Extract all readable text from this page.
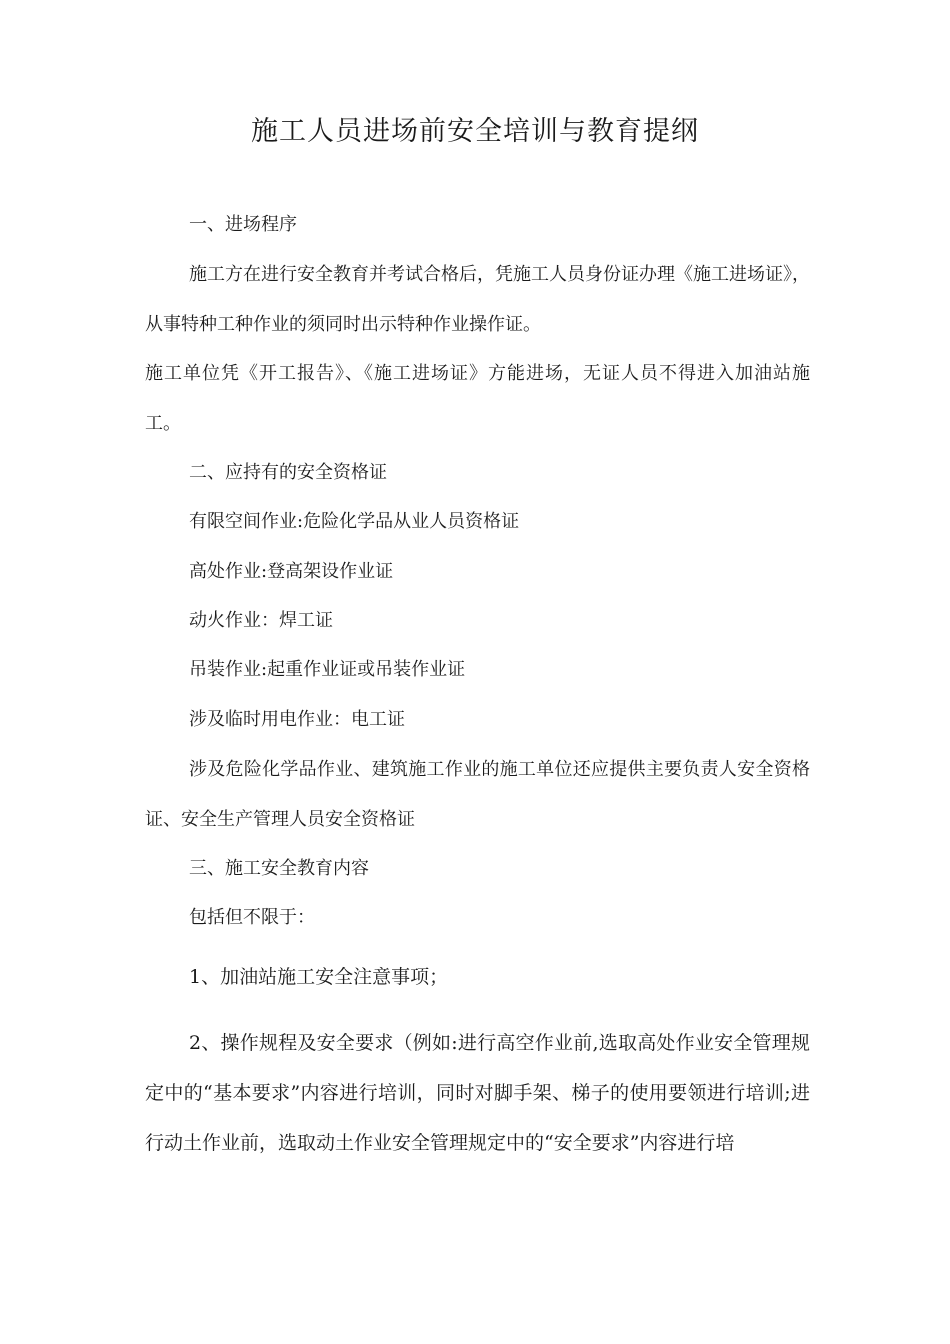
施工人员进场前安全培训与教育提纲

一、进场程序

施工方在进行安全教育并考试合格后，凭施工人员身份证办理《施工进场证》，从事特种工种作业的须同时出示特种作业操作证。

施工单位凭《开工报告》、《施工进场证》方能进场，无证人员不得进入加油站施工。

二、应持有的安全资格证

有限空间作业:危险化学品从业人员资格证

高处作业:登高架设作业证

动火作业：焊工证

吊装作业:起重作业证或吊装作业证

涉及临时用电作业：电工证

涉及危险化学品作业、建筑施工作业的施工单位还应提供主要负责人安全资格证、安全生产管理人员安全资格证

三、施工安全教育内容

包括但不限于：

1、加油站施工安全注意事项；

2、操作规程及安全要求（例如:进行高空作业前,选取高处作业安全管理规定中的“基本要求”内容进行培训，同时对脚手架、梯子的使用要领进行培训;进行动土作业前，选取动土作业安全管理规定中的“安全要求”内容进行培
